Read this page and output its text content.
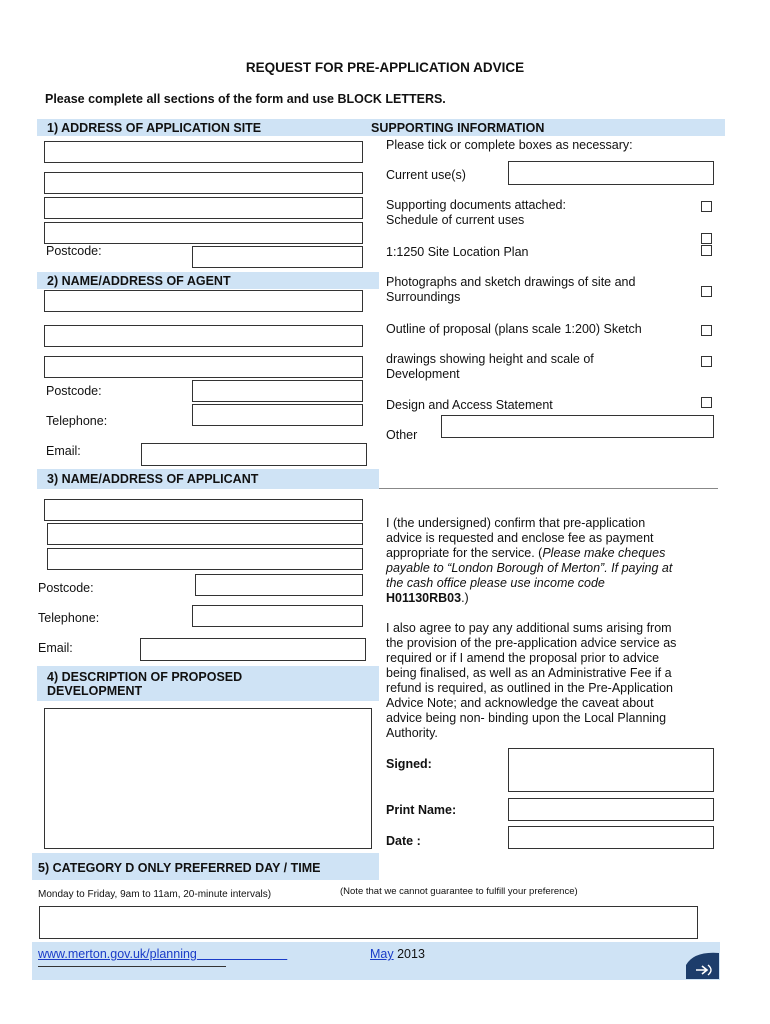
REQUEST FOR PRE-APPLICATION ADVICE
Please complete all sections of the form and use BLOCK LETTERS.
1) ADDRESS OF APPLICATION SITE	SUPPORTING INFORMATION
Postcode:
2) NAME/ADDRESS OF AGENT
Postcode:
Telephone:
Email:
3) NAME/ADDRESS OF APPLICANT
Postcode:
Telephone:
Email:
4) DESCRIPTION OF PROPOSED
DEVELOPMENT
5) CATEGORY D ONLY PREFERRED DAY / TIME
Monday to Friday, 9am to 11am, 20-minute intervals)	(Note that we cannot guarantee to fulfill your preference)
Please tick or complete boxes as necessary:
Current use(s)
Supporting documents attached:
Schedule of current uses
1:1250 Site Location Plan
Photographs and sketch drawings of site and
Surroundings
Outline of proposal (plans scale 1:200) Sketch
drawings showing height and scale of
Development
Design and Access Statement
Other
I (the undersigned) confirm that pre-application
advice is requested and enclose fee as payment
appropriate for the service. (Please make cheques
payable to “London Borough of Merton”. If paying at
the cash office please use income code
H01130RB03.)
I also agree to pay any additional sums arising from
the provision of the pre-application advice service as
required or if I amend the proposal prior to advice
being finalised, as well as an Administrative Fee if a
refund is required, as outlined in the Pre-Application
Advice Note; and acknowledge the caveat about
advice being non- binding upon the Local Planning
Authority.
Signed:
Print Name:
Date :
www.merton.gov.uk/planning             	May 2013
